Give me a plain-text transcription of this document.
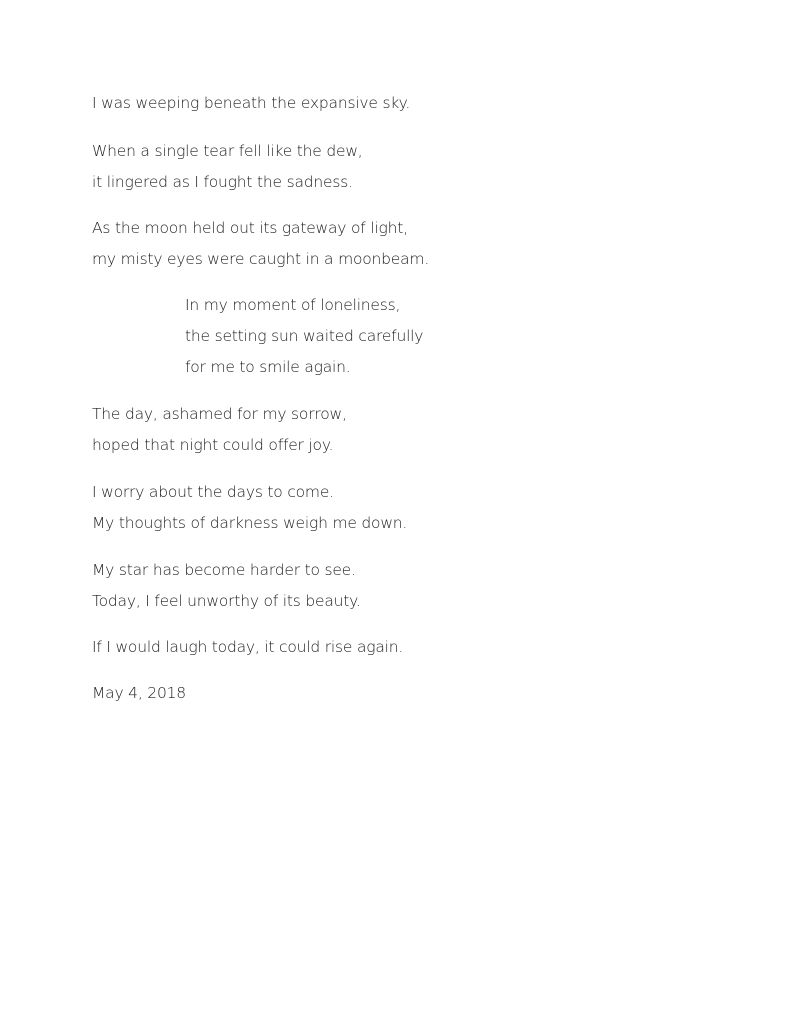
I was weeping beneath the expansive sky.
When a single tear fell like the dew,
it lingered as I fought the sadness.
As the moon held out its gateway of light,
my misty eyes were caught in a moonbeam.
In my moment of loneliness,
the setting sun waited carefully
for me to smile again.
The day, ashamed for my sorrow,
hoped that night could offer joy.
I worry about the days to come.
My thoughts of darkness weigh me down.
My star has become harder to see.
Today, I feel unworthy of its beauty.
If I would laugh today, it could rise again.
May 4, 2018
